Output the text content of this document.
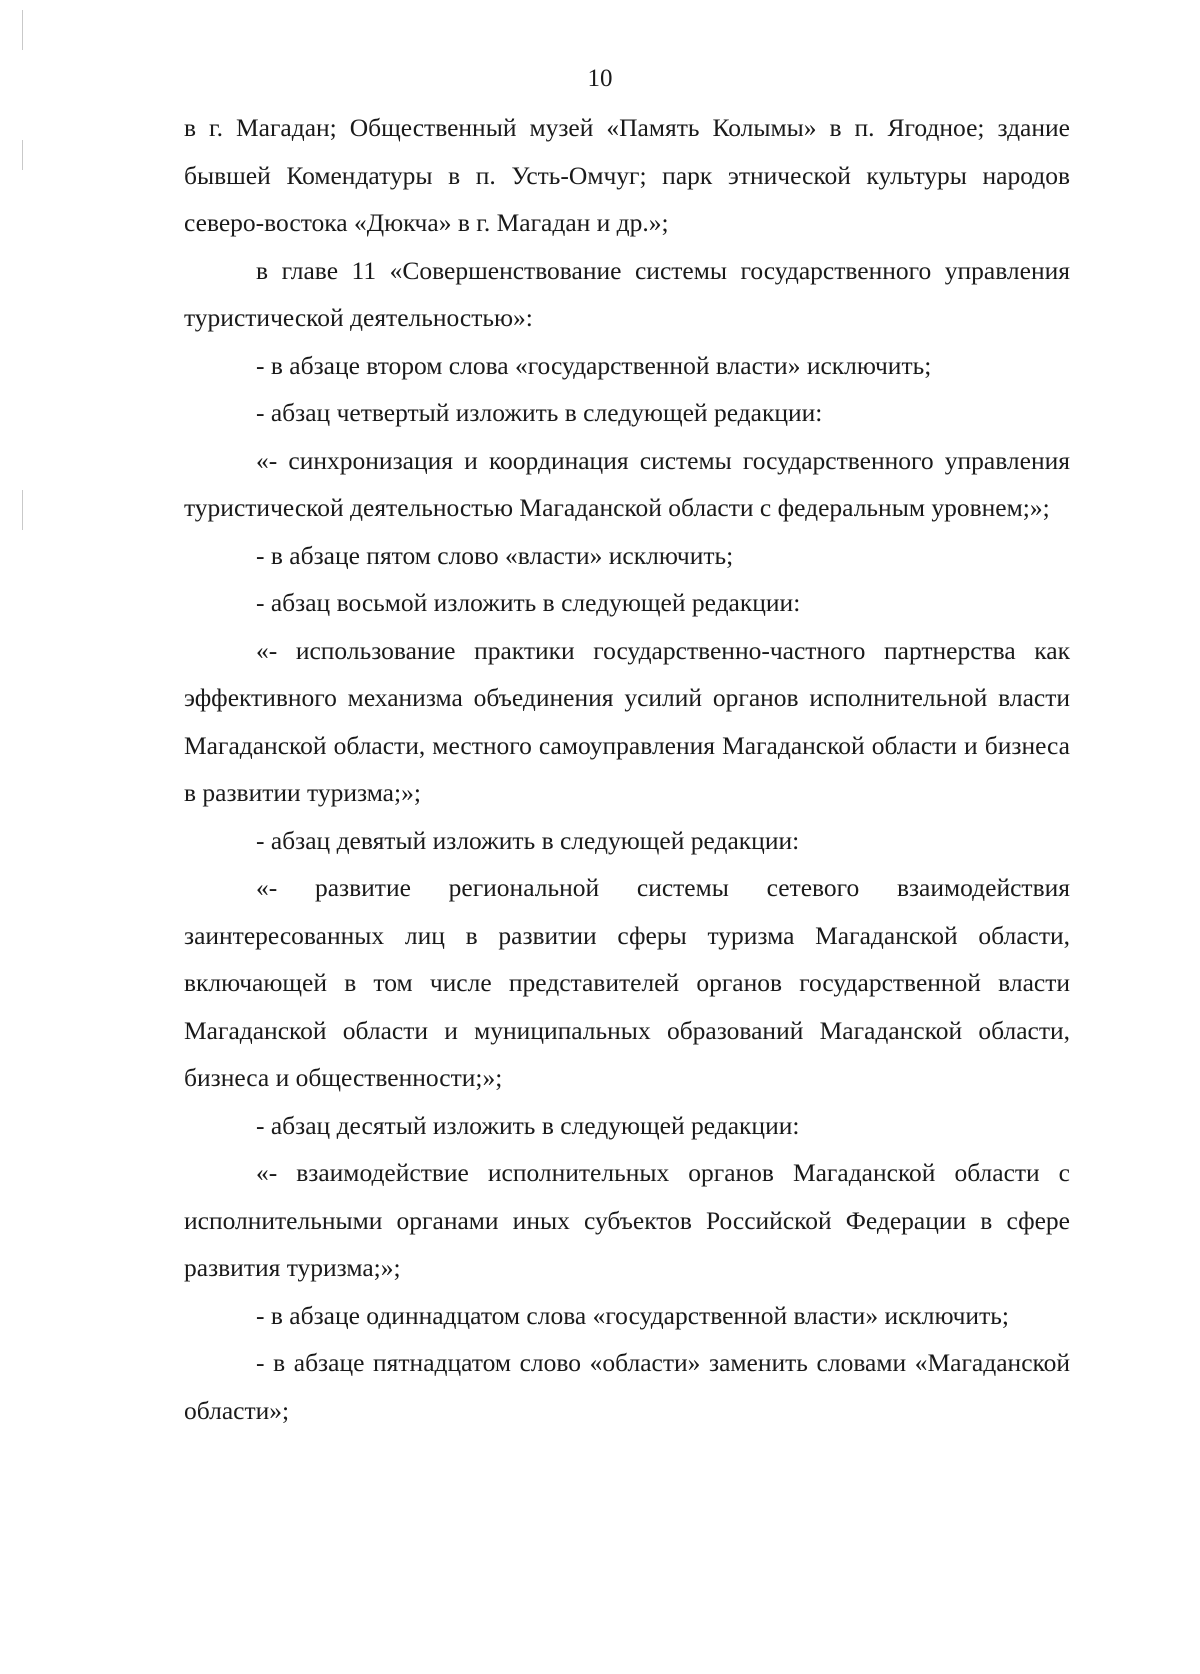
10

в г. Магадан; Общественный музей «Память Колымы» в п. Ягодное; здание бывшей Комендатуры в п. Усть-Омчуг; парк этнической культуры народов северо-востока «Дюкча» в г. Магадан и др.»;

в главе 11 «Совершенствование системы государственного управления туристической деятельностью»:

- в абзаце втором слова «государственной власти» исключить;

- абзац четвертый изложить в следующей редакции:

«- синхронизация и координация системы государственного управления туристической деятельностью Магаданской области с федеральным уровнем;»;

- в абзаце пятом слово «власти» исключить;

- абзац восьмой изложить в следующей редакции:

«- использование практики государственно-частного партнерства как эффективного механизма объединения усилий органов исполнительной власти Магаданской области, местного самоуправления Магаданской области и бизнеса в развитии туризма;»;

- абзац девятый изложить в следующей редакции:

«- развитие региональной системы сетевого взаимодействия заинтересованных лиц в развитии сферы туризма Магаданской области, включающей в том числе представителей органов государственной власти Магаданской области и муниципальных образований Магаданской области, бизнеса и общественности;»;

- абзац десятый изложить в следующей редакции:

«- взаимодействие исполнительных органов Магаданской области с исполнительными органами иных субъектов Российской Федерации в сфере развития туризма;»;

- в абзаце одиннадцатом слова «государственной власти» исключить;

- в абзаце пятнадцатом слово «области» заменить словами «Магаданской области»;
